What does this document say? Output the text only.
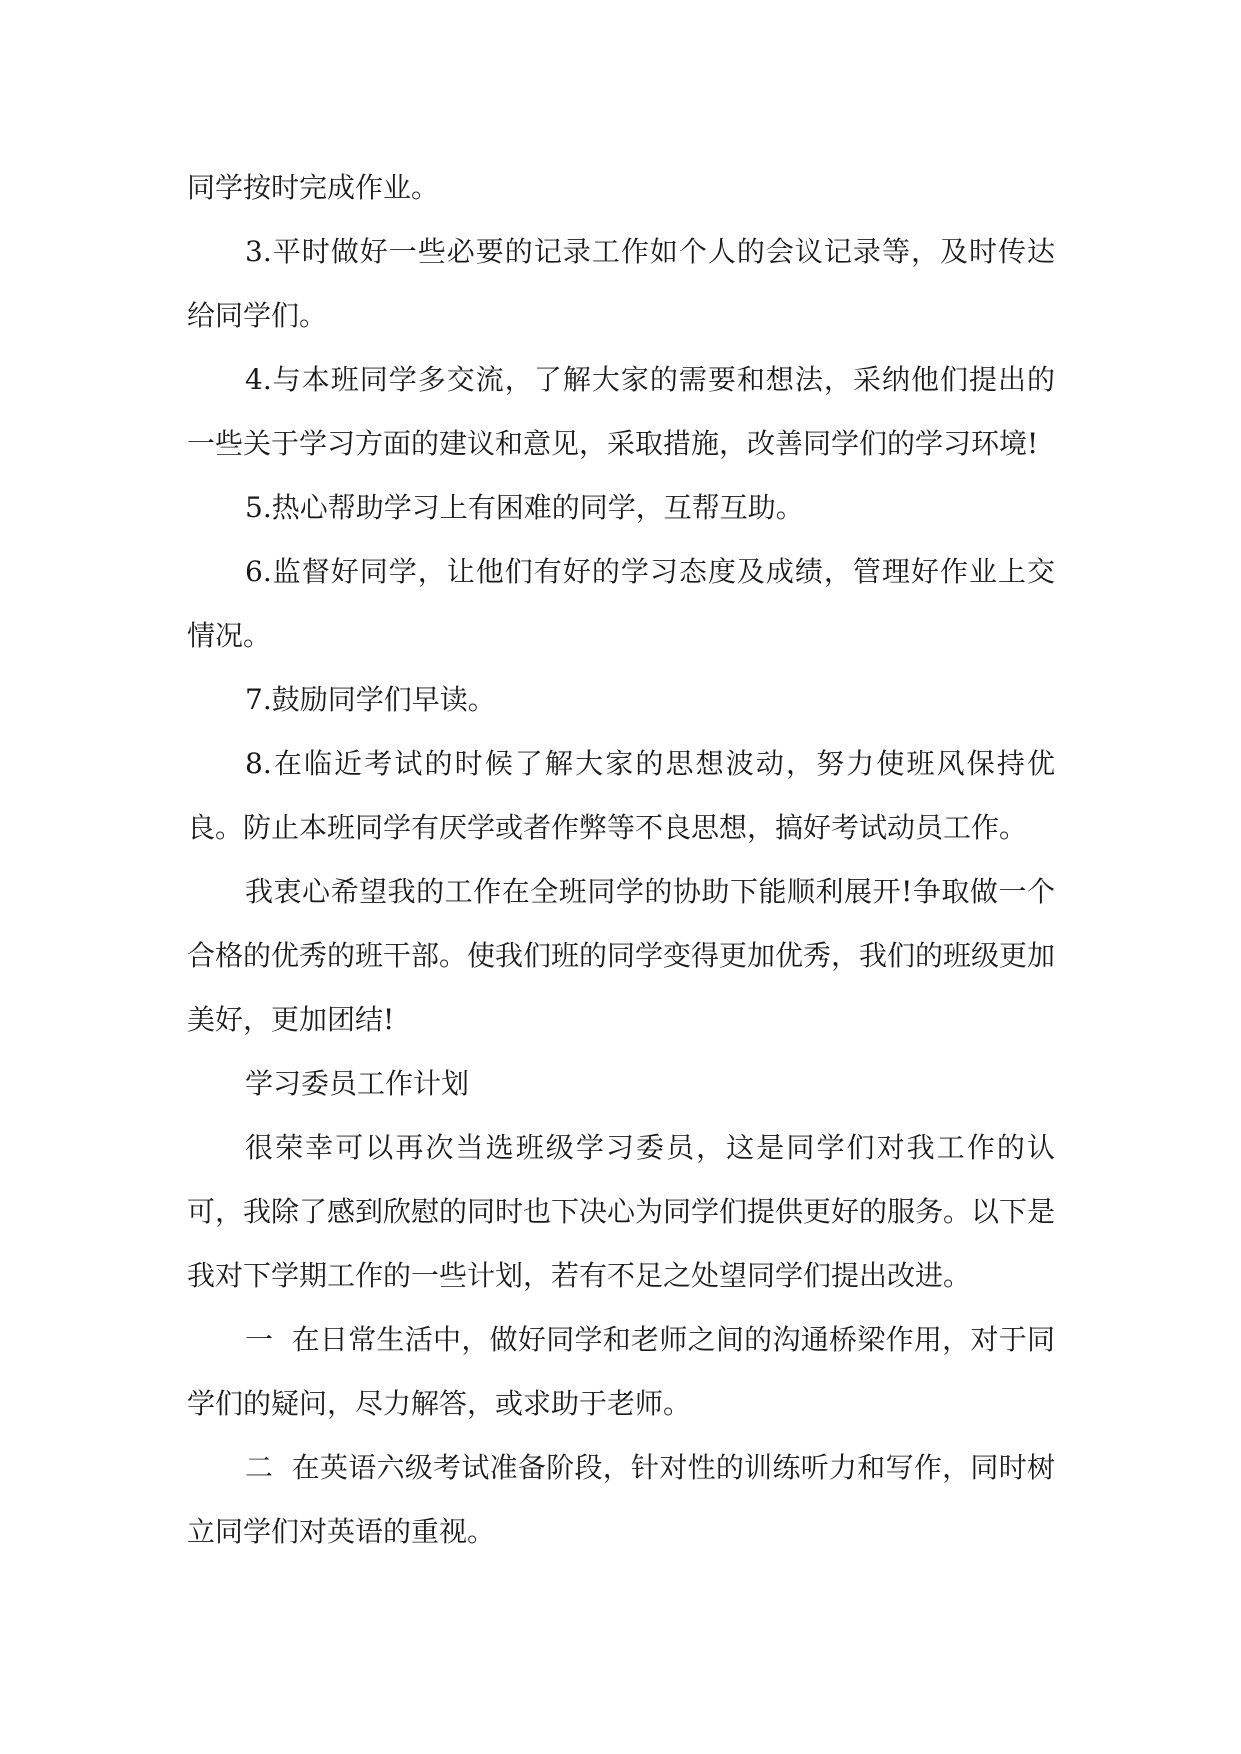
同学按时完成作业。

3.平时做好一些必要的记录工作如个人的会议记录等，及时传达给同学们。

4.与本班同学多交流，了解大家的需要和想法，采纳他们提出的一些关于学习方面的建议和意见，采取措施，改善同学们的学习环境!

5.热心帮助学习上有困难的同学，互帮互助。

6.监督好同学，让他们有好的学习态度及成绩，管理好作业上交情况。

7.鼓励同学们早读。

8.在临近考试的时候了解大家的思想波动，努力使班风保持优良。防止本班同学有厌学或者作弊等不良思想，搞好考试动员工作。

我衷心希望我的工作在全班同学的协助下能顺利展开!争取做一个合格的优秀的班干部。使我们班的同学变得更加优秀，我们的班级更加美好，更加团结!

学习委员工作计划

很荣幸可以再次当选班级学习委员，这是同学们对我工作的认可，我除了感到欣慰的同时也下决心为同学们提供更好的服务。以下是我对下学期工作的一些计划，若有不足之处望同学们提出改进。

一  在日常生活中，做好同学和老师之间的沟通桥梁作用，对于同学们的疑问，尽力解答，或求助于老师。

二  在英语六级考试准备阶段，针对性的训练听力和写作，同时树立同学们对英语的重视。
